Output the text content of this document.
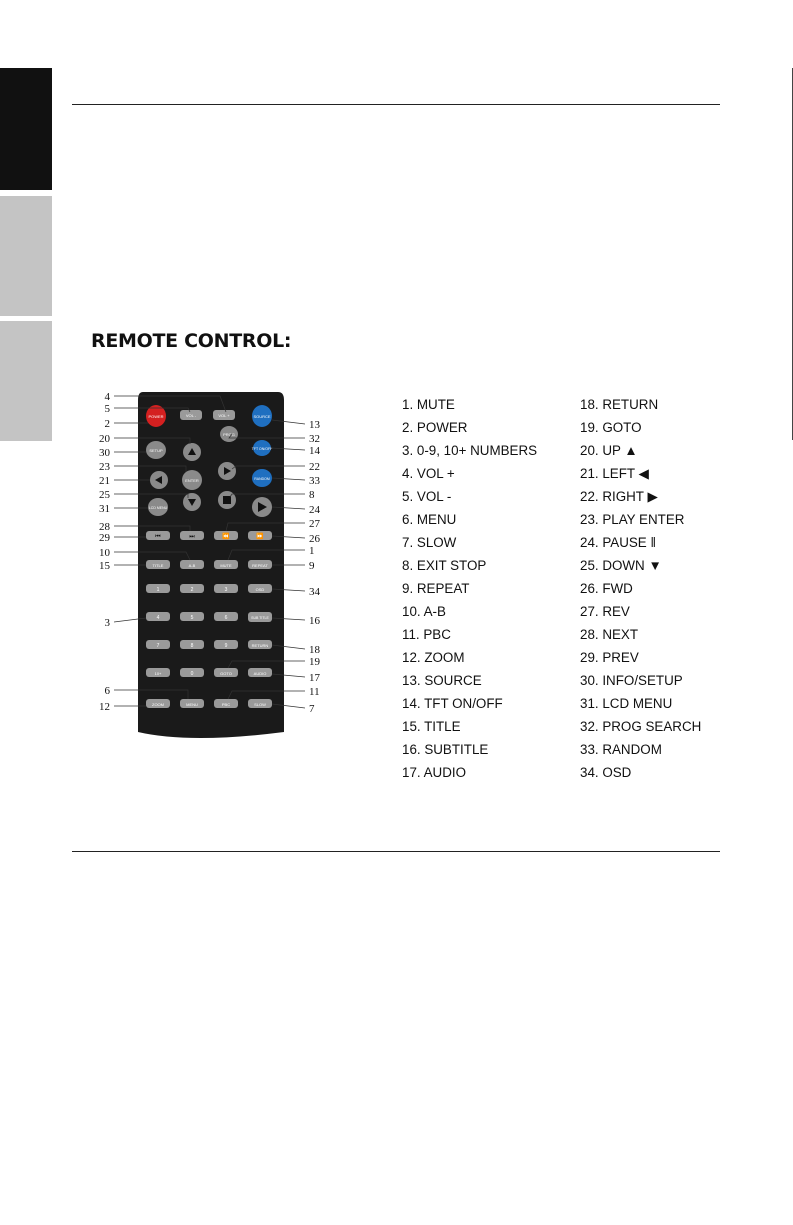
REMOTE CONTROL:
POWER	VOL -	VOL +	SOURCE
SETUP
PROG
TFT ON/OFF
ENTER	RANDOM
LCD MENU
⏮	⏭	⏪	⏩
TITLE	A-B	MUTE	REPEAT
1	2	3	OSD
4	5	6	SUB TITLE
7	8	9	RETURN
10+	0	GOTO	AUDIO
ZOOM	MENU	PBC	SLOW
4
5
2
20
30
23
21
25
31
28
29
10
15
3
6
12
13
32
14
22
33
8
24
27
26
1
9
34
16
18
19
17
11
7
1. MUTE
2. POWER
3. 0-9, 10+ NUMBERS
4. VOL +
5. VOL -
6. MENU
7. SLOW
8. EXIT STOP
9. REPEAT
10. A-B
11. PBC
12. ZOOM
13. SOURCE
14. TFT ON/OFF
15. TITLE
16. SUBTITLE
17. AUDIO
18. RETURN
19. GOTO
20. UP ▲
21. LEFT ◀
22. RIGHT ▶
23. PLAY ENTER
24. PAUSE ‖
25. DOWN ▼
26. FWD
27. REV
28. NEXT
29. PREV
30. INFO/SETUP
31. LCD MENU
32. PROG SEARCH
33. RANDOM
34. OSD
